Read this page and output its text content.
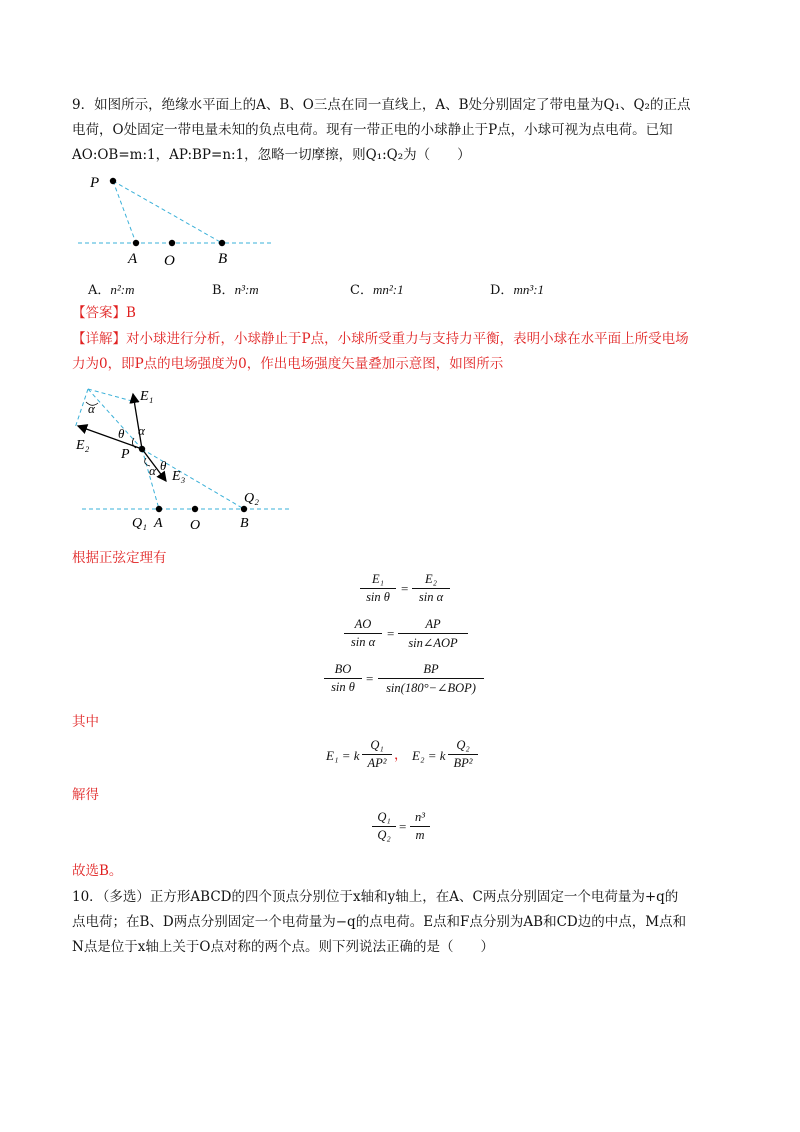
9．如图所示，绝缘水平面上的A、B、O三点在同一直线上，A、B处分别固定了带电量为Q₁、Q₂的正点
电荷，O处固定一带电量未知的负点电荷。现有一带正电的小球静止于P点，小球可视为点电荷。已知
AO:OB=m:1，AP:BP=n:1，忽略一切摩擦，则Q₁:Q₂为（　　）
P
A O	B
A．n²:m	B．n³:m	C．mn²:1	D．mn³:1
【答案】B
【详解】对小球进行分析，小球静止于P点，小球所受重力与支持力平衡，表明小球在水平面上所受电场
力为0，即P点的电场强度为0，作出电场强度矢量叠加示意图，如图所示
E₁
E₂
E₃
P
α
θ α
α θ
Q₁ A O	B
Q₂
根据正弦定理有
E₁
sin θ
=
E₂
sin α
AO
sin α
=
AP
sin∠AOP
BO
sin θ
=
BP
sin(180°−∠BOP)
其中
E₁ = k
Q₁
AP² ， E₂ = k
Q₂
BP²
解得
Q₁
Q₂
=
n³
m
故选B。
10．（多选）正方形ABCD的四个顶点分别位于x轴和y轴上，在A、C两点分别固定一个电荷量为+q的
点电荷；在B、D两点分别固定一个电荷量为−q的点电荷。E点和F点分别为AB和CD边的中点，M点和
N点是位于x轴上关于O点对称的两个点。则下列说法正确的是（　　）
